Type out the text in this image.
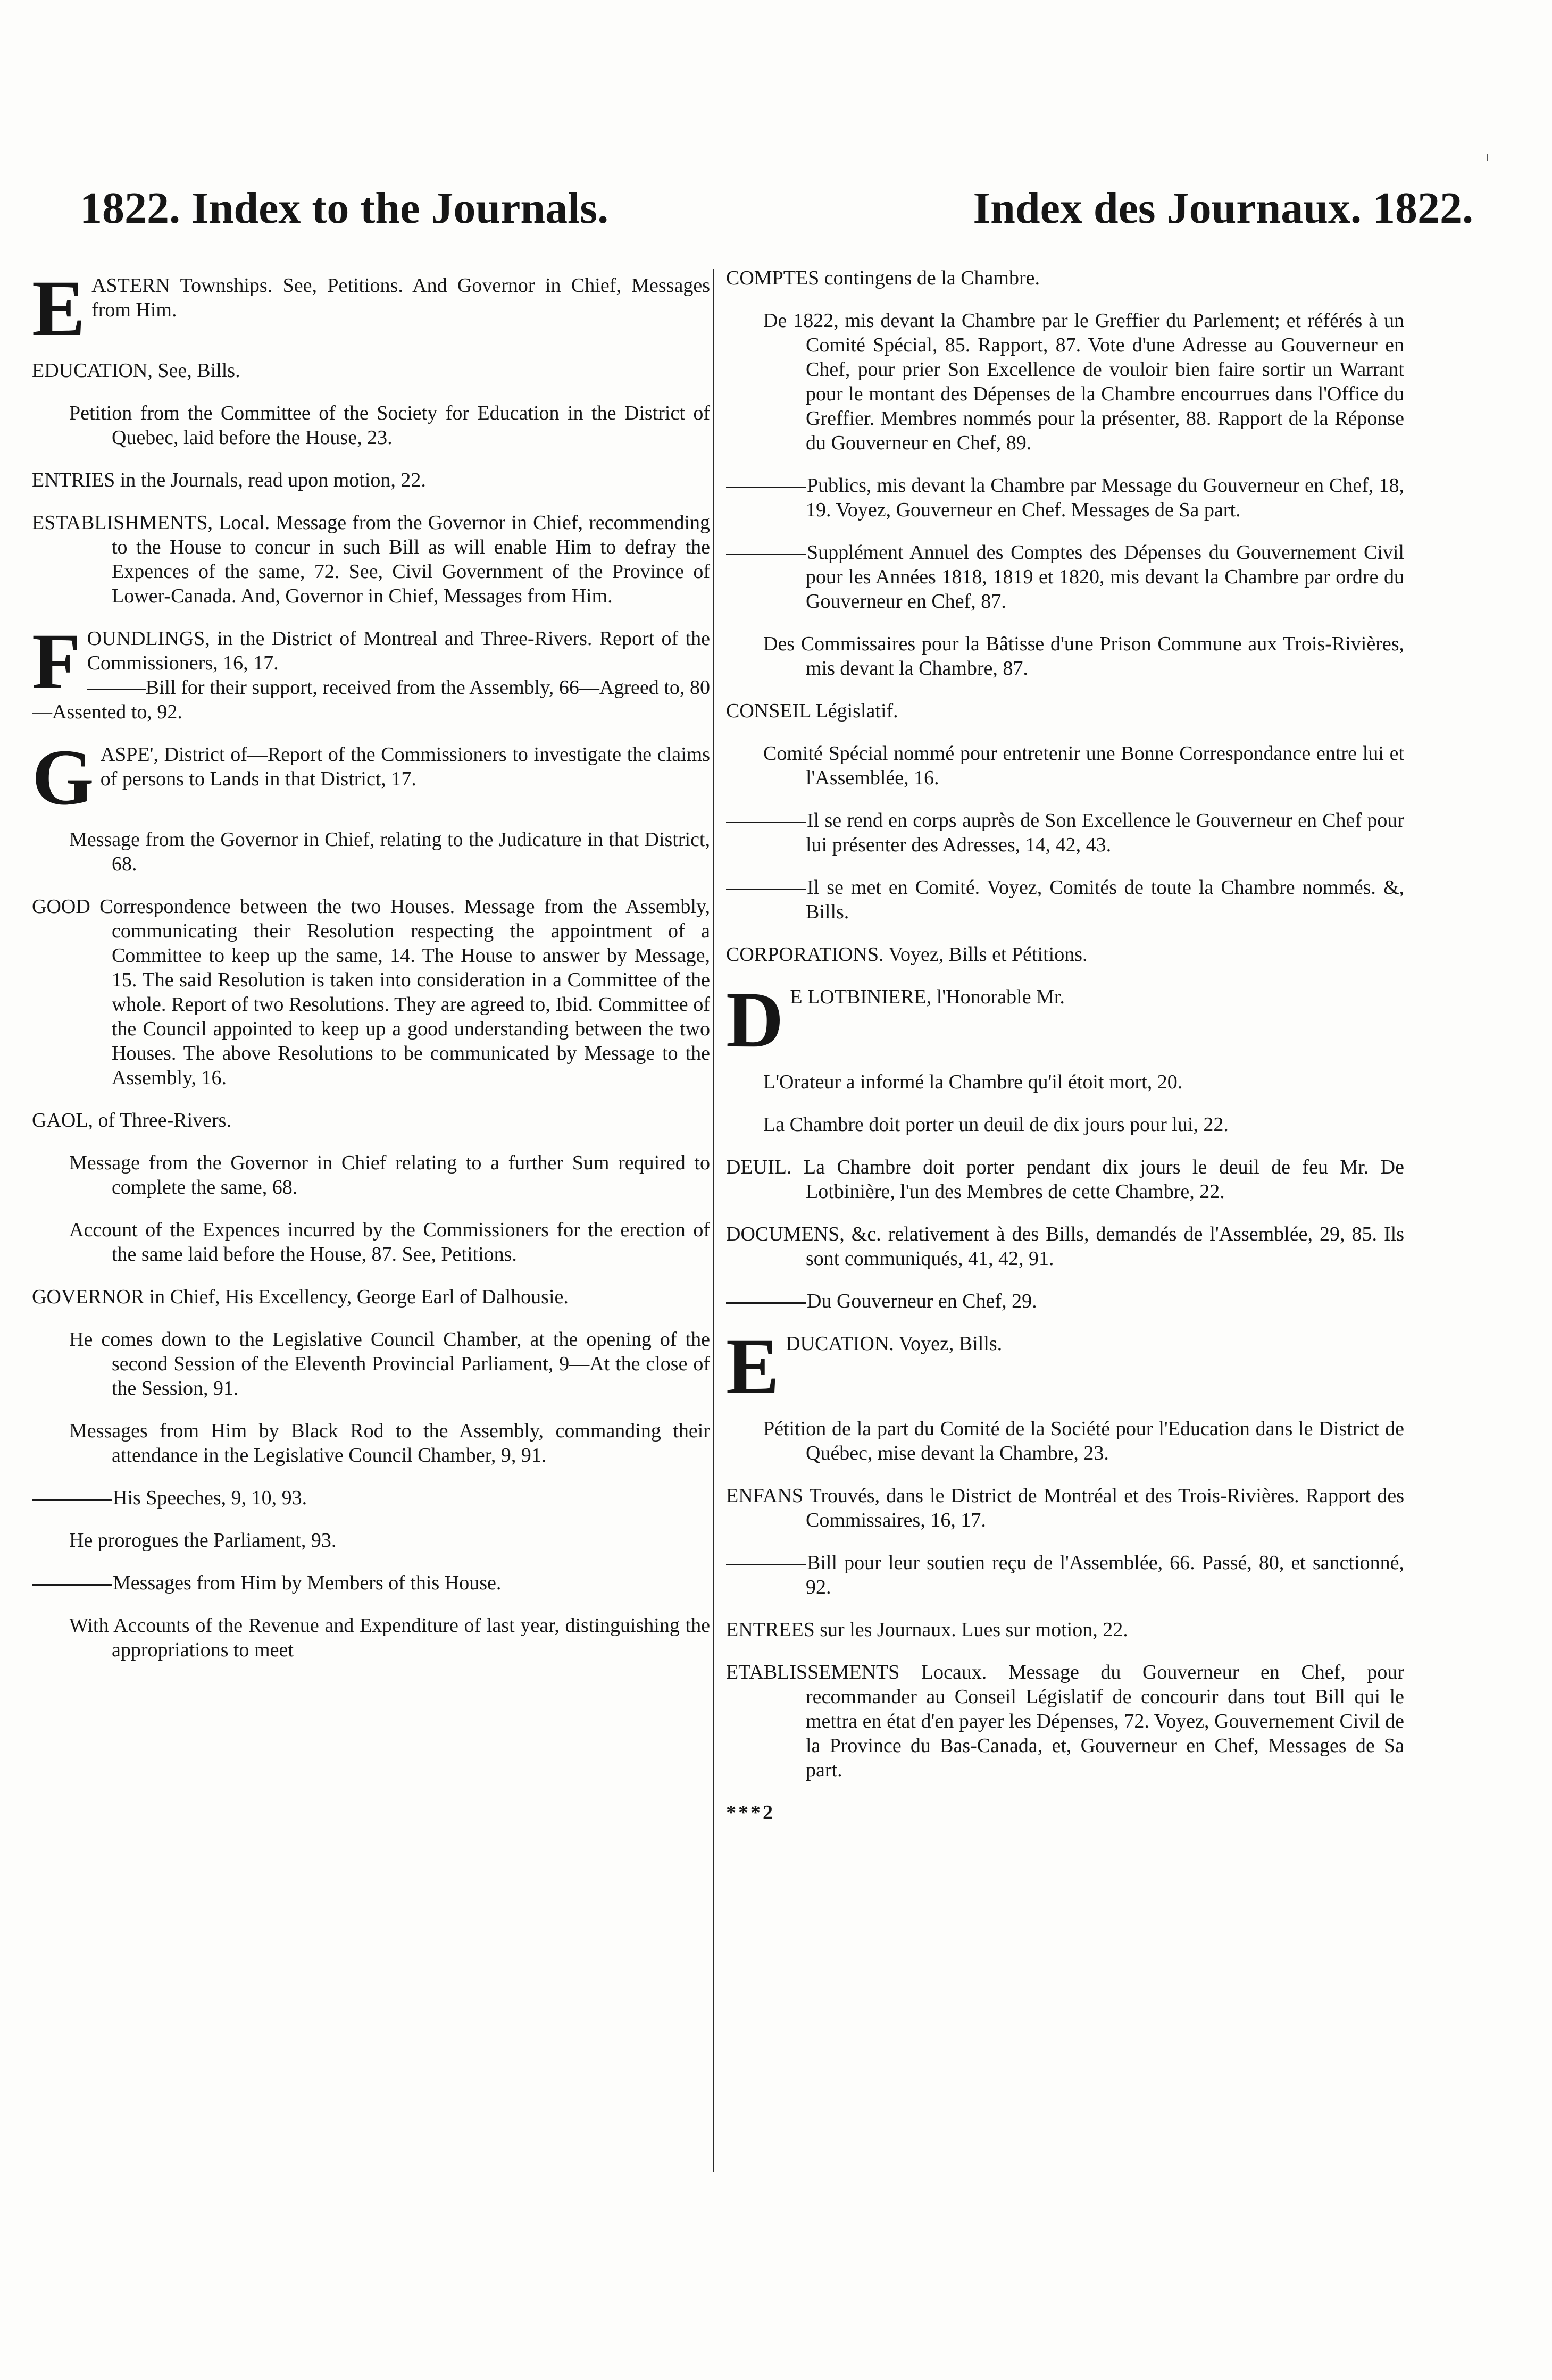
1822. Index to the Journals.	Index des Journaux. 1822.
E ASTERN Townships. See, Petitions. And Governor in Chief, Messages from Him.

EDUCATION, See, Bills.

Petition from the Committee of the Society for Education in the District of Quebec, laid before the House, 23.

ENTRIES in the Journals, read upon motion, 22.

ESTABLISHMENTS, Local. Message from the Governor in Chief, recommending to the House to concur in such Bill as will enable Him to defray the Expences of the same, 72. See, Civil Government of the Province of Lower-Canada. And, Governor in Chief, Messages from Him.

F OUNDLINGS, in the District of Montreal and Three-Rivers. Report of the Commissioners, 16, 17.
Bill for their support, received from the Assembly, 66—Agreed to, 80—Assented to, 92.
G ASPE', District of—Report of the Commissioners to investigate the claims of persons to Lands in that District, 17.

Message from the Governor in Chief, relating to the Judicature in that District, 68.

GOOD Correspondence between the two Houses. Message from the Assembly, communicating their Resolution respecting the appointment of a Committee to keep up the same, 14. The House to answer by Message, 15. The said Resolution is taken into consideration in a Committee of the whole. Report of two Resolutions. They are agreed to, Ibid. Committee of the Council appointed to keep up a good understanding between the two Houses. The above Resolutions to be communicated by Message to the Assembly, 16.

GAOL, of Three-Rivers.

Message from the Governor in Chief relating to a further Sum required to complete the same, 68.

Account of the Expences incurred by the Commissioners for the erection of the same laid before the House, 87. See, Petitions.

GOVERNOR in Chief, His Excellency, George Earl of Dalhousie.

He comes down to the Legislative Council Chamber, at the opening of the second Session of the Eleventh Provincial Parliament, 9—At the close of the Session, 91.

Messages from Him by Black Rod to the Assembly, commanding their attendance in the Legislative Council Chamber, 9, 91.

His Speeches, 9, 10, 93.

He prorogues the Parliament, 93.

Messages from Him by Members of this House.

With Accounts of the Revenue and Expenditure of last year, distinguishing the appropriations to meet

COMPTES contingens de la Chambre.

De 1822, mis devant la Chambre par le Greffier du Parlement; et référés à un Comité Spécial, 85. Rapport, 87. Vote d'une Adresse au Gouverneur en Chef, pour prier Son Excellence de vouloir bien faire sortir un Warrant pour le montant des Dépenses de la Chambre encourrues dans l'Office du Greffier. Membres nommés pour la présenter, 88. Rapport de la Réponse du Gouverneur en Chef, 89.

Publics, mis devant la Chambre par Message du Gouverneur en Chef, 18, 19. Voyez, Gouverneur en Chef. Messages de Sa part.

Supplément Annuel des Comptes des Dépenses du Gouvernement Civil pour les Années 1818, 1819 et 1820, mis devant la Chambre par ordre du Gouverneur en Chef, 87.

Des Commissaires pour la Bâtisse d'une Prison Commune aux Trois-Rivières, mis devant la Chambre, 87.

CONSEIL Législatif.

Comité Spécial nommé pour entretenir une Bonne Correspondance entre lui et l'Assemblée, 16.

Il se rend en corps auprès de Son Excellence le Gouverneur en Chef pour lui présenter des Adresses, 14, 42, 43.

Il se met en Comité. Voyez, Comités de toute la Chambre nommés. &, Bills.

CORPORATIONS. Voyez, Bills et Pétitions.

D E LOTBINIERE, l'Honorable Mr.

L'Orateur a informé la Chambre qu'il étoit mort, 20.

La Chambre doit porter un deuil de dix jours pour lui, 22.

DEUIL. La Chambre doit porter pendant dix jours le deuil de feu Mr. De Lotbinière, l'un des Membres de cette Chambre, 22.

DOCUMENS, &c. relativement à des Bills, demandés de l'Assemblée, 29, 85. Ils sont communiqués, 41, 42, 91.

Du Gouverneur en Chef, 29.

E DUCATION. Voyez, Bills.

Pétition de la part du Comité de la Société pour l'Education dans le District de Québec, mise devant la Chambre, 23.

ENFANS Trouvés, dans le District de Montréal et des Trois-Rivières. Rapport des Commissaires, 16, 17.

Bill pour leur soutien reçu de l'Assemblée, 66. Passé, 80, et sanctionné, 92.

ENTREES sur les Journaux. Lues sur motion, 22.

ETABLISSEMENTS Locaux. Message du Gouverneur en Chef, pour recommander au Conseil Législatif de concourir dans tout Bill qui le mettra en état d'en payer les Dépenses, 72. Voyez, Gouvernement Civil de la Province du Bas-Canada, et, Gouverneur en Chef, Messages de Sa part.

***2
